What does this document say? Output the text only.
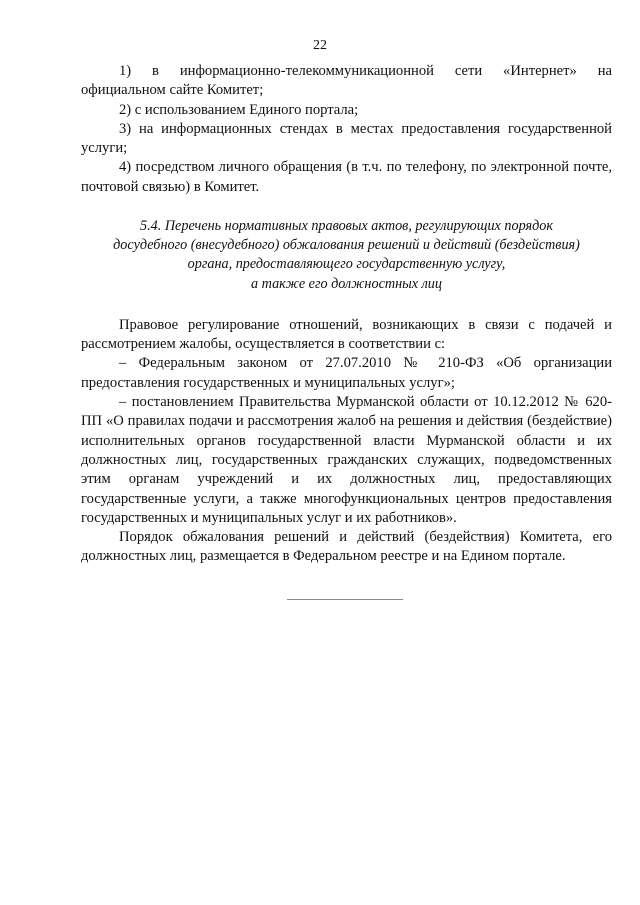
22

1) в информационно-телекоммуникационной сети «Интернет» на официальном сайте Комитет;

2) с использованием Единого портала;

3) на информационных стендах в местах предоставления государственной услуги;

4) посредством личного обращения (в т.ч. по телефону, по электронной почте, почтовой связью) в Комитет.

5.4. Перечень нормативных правовых актов, регулирующих порядок
досудебного (внесудебного) обжалования решений и действий (бездействия)
органа, предоставляющего государственную услугу,
а также его должностных лиц

Правовое регулирование отношений, возникающих в связи с подачей и рассмотрением жалобы, осуществляется в соответствии с:

– Федеральным законом от 27.07.2010 № 210-ФЗ «Об организации предоставления государственных и муниципальных услуг»;

– постановлением Правительства Мурманской области от 10.12.2012 № 620-ПП «О правилах подачи и рассмотрения жалоб на решения и действия (бездействие) исполнительных органов государственной власти Мурманской области и их должностных лиц, государственных гражданских служащих, подведомственных этим органам учреждений и их должностных лиц, предоставляющих государственные услуги, а также многофункциональных центров предоставления государственных и муниципальных услуг и их работников».

Порядок обжалования решений и действий (бездействия) Комитета, его должностных лиц, размещается в Федеральном реестре и на Едином портале.
